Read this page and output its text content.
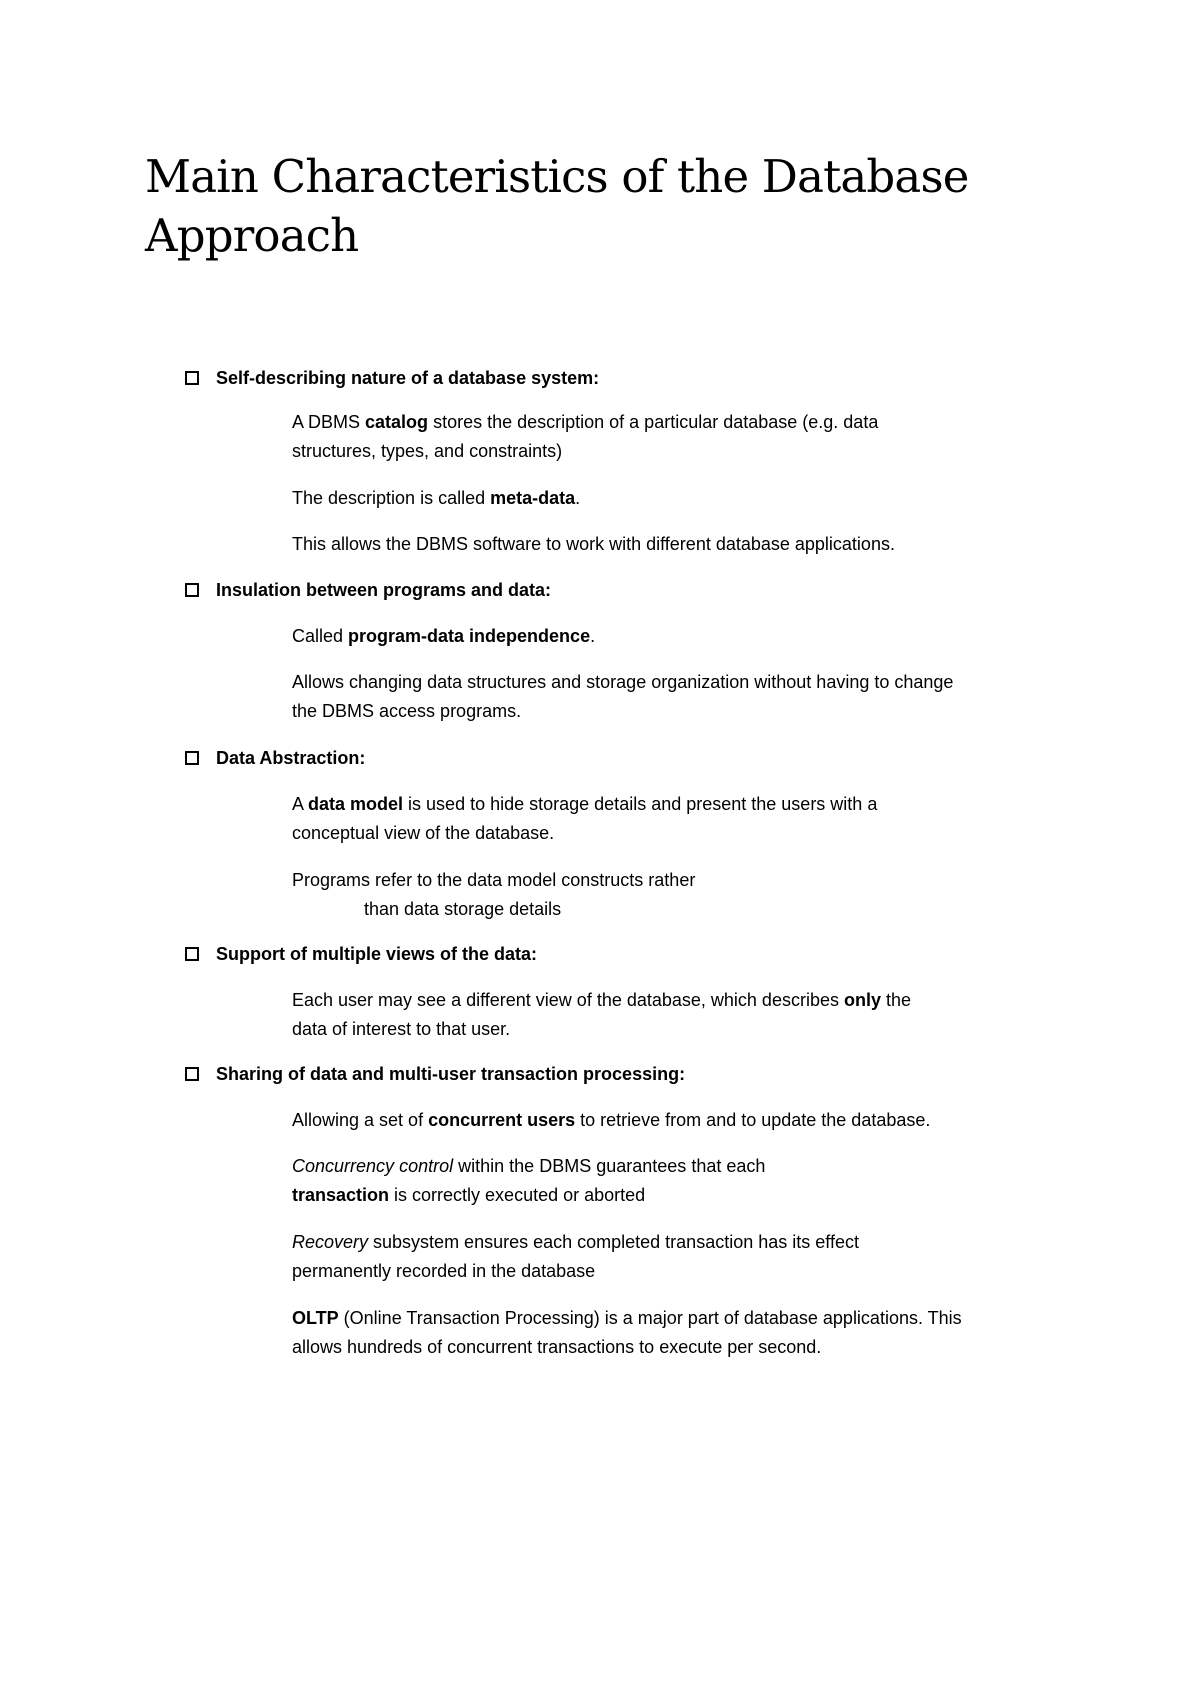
Main Characteristics of the Database
Approach
Self-describing nature of a database system:

A DBMS catalog stores the description of a particular database (e.g. data
structures, types, and constraints)

The description is called meta-data.

This allows the DBMS software to work with different database applications.

Insulation between programs and data:

Called program-data independence.

Allows changing data structures and storage organization without having to change
the DBMS access programs.

Data Abstraction:

A data model is used to hide storage details and present the users with a
conceptual view of the database.

Programs refer to the data model constructs rather
than data storage details

Support of multiple views of the data:

Each user may see a different view of the database, which describes only the
data of interest to that user.

Sharing of data and multi-user transaction processing:

Allowing a set of concurrent users to retrieve from and to update the database.

Concurrency control within the DBMS guarantees that each
transaction is correctly executed or aborted

Recovery subsystem ensures each completed transaction has its effect
permanently recorded in the database

OLTP (Online Transaction Processing) is a major part of database applications. This
allows hundreds of concurrent transactions to execute per second.
